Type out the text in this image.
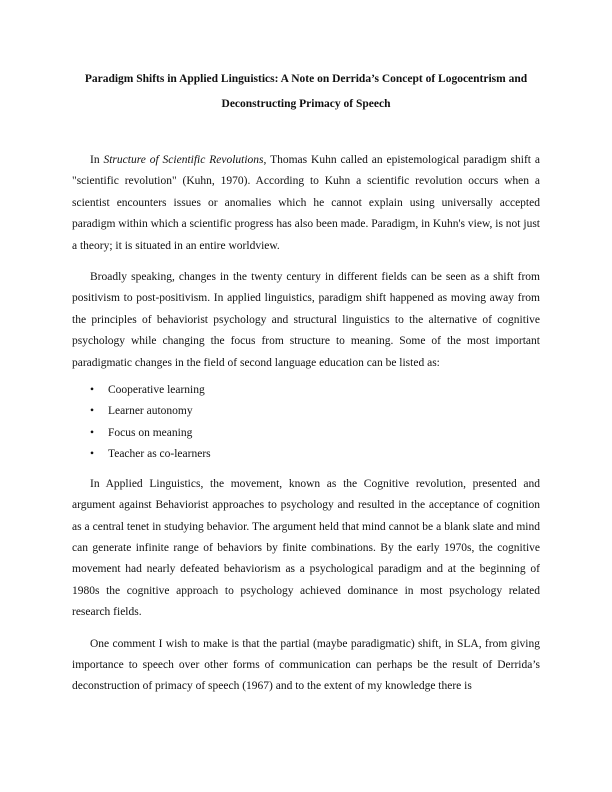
Paradigm Shifts in Applied Linguistics: A Note on Derrida’s Concept of Logocentrism and
Deconstructing Primacy of Speech

In Structure of Scientific Revolutions, Thomas Kuhn called an epistemological paradigm shift a "scientific revolution" (Kuhn, 1970). According to Kuhn a scientific revolution occurs when a scientist encounters issues or anomalies which he cannot explain using universally accepted paradigm within which a scientific progress has also been made. Paradigm, in Kuhn's view, is not just a theory; it is situated in an entire worldview.

Broadly speaking, changes in the twenty century in different fields can be seen as a shift from positivism to post-positivism. In applied linguistics, paradigm shift happened as moving away from the principles of behaviorist psychology and structural linguistics to the alternative of cognitive psychology while changing the focus from structure to meaning. Some of the most important paradigmatic changes in the field of second language education can be listed as:

• Cooperative learning
• Learner autonomy
• Focus on meaning
• Teacher as co-learners

In Applied Linguistics, the movement, known as the Cognitive revolution, presented and argument against Behaviorist approaches to psychology and resulted in the acceptance of cognition as a central tenet in studying behavior. The argument held that mind cannot be a blank slate and mind can generate infinite range of behaviors by finite combinations. By the early 1970s, the cognitive movement had nearly defeated behaviorism as a psychological paradigm and at the beginning of 1980s the cognitive approach to psychology achieved dominance in most psychology related research fields.

One comment I wish to make is that the partial (maybe paradigmatic) shift, in SLA, from giving importance to speech over other forms of communication can perhaps be the result of Derrida’s deconstruction of primacy of speech (1967) and to the extent of my knowledge there is
